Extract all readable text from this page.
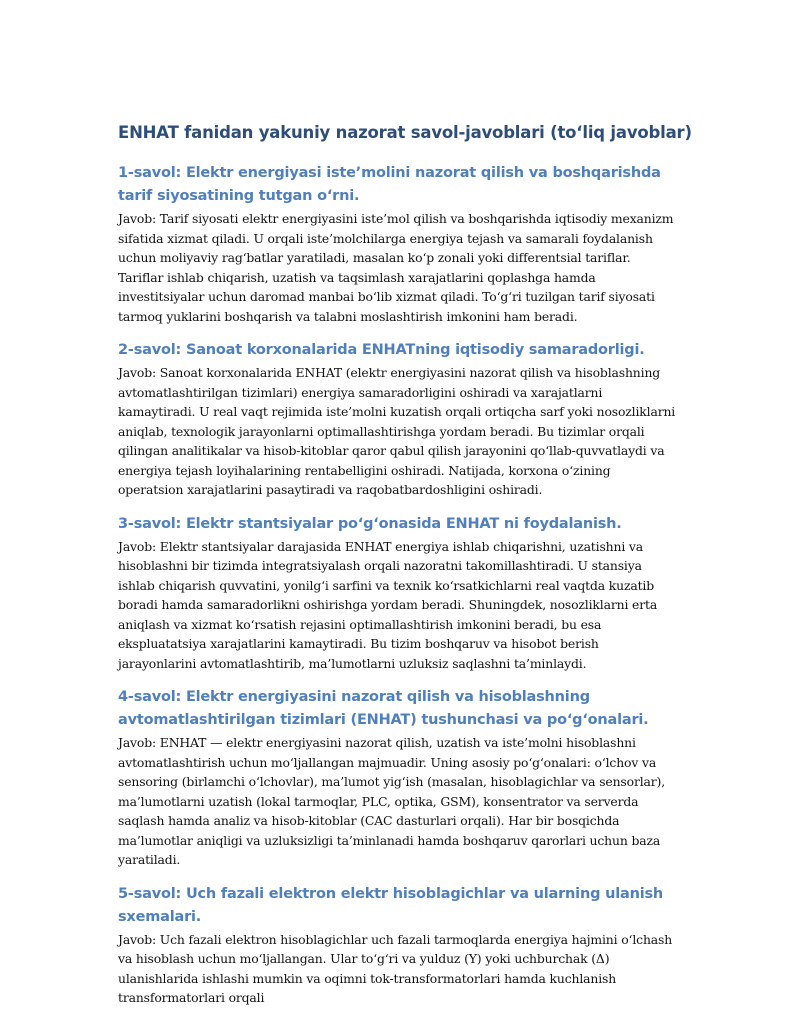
ENHAT fanidan yakuniy nazorat savol-javoblari (to‘liq javoblar)
1-savol: Elektr energiyasi iste’molini nazorat qilish va boshqarishda tarif siyosatining tutgan o‘rni.

Javob: Tarif siyosati elektr energiyasini iste’mol qilish va boshqarishda iqtisodiy mexanizm sifatida xizmat qiladi. U orqali iste’molchilarga energiya tejash va samarali foydalanish uchun moliyaviy rag‘batlar yaratiladi, masalan ko‘p zonali yoki differentsial tariflar. Tariflar ishlab chiqarish, uzatish va taqsimlash xarajatlarini qoplashga hamda investitsiyalar uchun daromad manbai bo‘lib xizmat qiladi. To‘g‘ri tuzilgan tarif siyosati tarmoq yuklarini boshqarish va talabni moslashtirish imkonini ham beradi.

2-savol: Sanoat korxonalarida ENHATning iqtisodiy samaradorligi.

Javob: Sanoat korxonalarida ENHAT (elektr energiyasini nazorat qilish va hisoblashning avtomatlashtirilgan tizimlari) energiya samaradorligini oshiradi va xarajatlarni kamaytiradi. U real vaqt rejimida iste’molni kuzatish orqali ortiqcha sarf yoki nosozliklarni aniqlab, texnologik jarayonlarni optimallashtirishga yordam beradi. Bu tizimlar orqali qilingan analitikalar va hisob-kitoblar qaror qabul qilish jarayonini qo‘llab-quvvatlaydi va energiya tejash loyihalarining rentabelligini oshiradi. Natijada, korxona o‘zining operatsion xarajatlarini pasaytiradi va raqobatbardoshligini oshiradi.

3-savol: Elektr stantsiyalar po‘g‘onasida ENHAT ni foydalanish.

Javob: Elektr stantsiyalar darajasida ENHAT energiya ishlab chiqarishni, uzatishni va hisoblashni bir tizimda integratsiyalash orqali nazoratni takomillashtiradi. U stansiya ishlab chiqarish quvvatini, yonilg‘i sarfini va texnik ko‘rsatkichlarni real vaqtda kuzatib boradi hamda samaradorlikni oshirishga yordam beradi. Shuningdek, nosozliklarni erta aniqlash va xizmat ko‘rsatish rejasini optimallashtirish imkonini beradi, bu esa ekspluatatsiya xarajatlarini kamaytiradi. Bu tizim boshqaruv va hisobot berish jarayonlarini avtomatlashtirib, ma’lumotlarni uzluksiz saqlashni ta’minlaydi.

4-savol: Elektr energiyasini nazorat qilish va hisoblashning avtomatlashtirilgan tizimlari (ENHAT) tushunchasi va po‘g‘onalari.

Javob: ENHAT — elektr energiyasini nazorat qilish, uzatish va iste’molni hisoblashni avtomatlashtirish uchun mo‘ljallangan majmuadir. Uning asosiy po‘g‘onalari: o‘lchov va sensoring (birlamchi o‘lchovlar), ma’lumot yig‘ish (masalan, hisoblagichlar va sensorlar), ma’lumotlarni uzatish (lokal tarmoqlar, PLC, optika, GSM), konsentrator va serverda saqlash hamda analiz va hisob-kitoblar (CAC dasturlari orqali). Har bir bosqichda ma’lumotlar aniqligi va uzluksizligi ta’minlanadi hamda boshqaruv qarorlari uchun baza yaratiladi.

5-savol: Uch fazali elektron elektr hisoblagichlar va ularning ulanish sxemalari.

Javob: Uch fazali elektron hisoblagichlar uch fazali tarmoqlarda energiya hajmini o‘lchash va hisoblash uchun mo‘ljallangan. Ular to‘g‘ri va yulduz (Y) yoki uchburchak (Δ) ulanishlarida ishlashi mumkin va oqimni tok-transformatorlari hamda kuchlanish transformatorlari orqali
